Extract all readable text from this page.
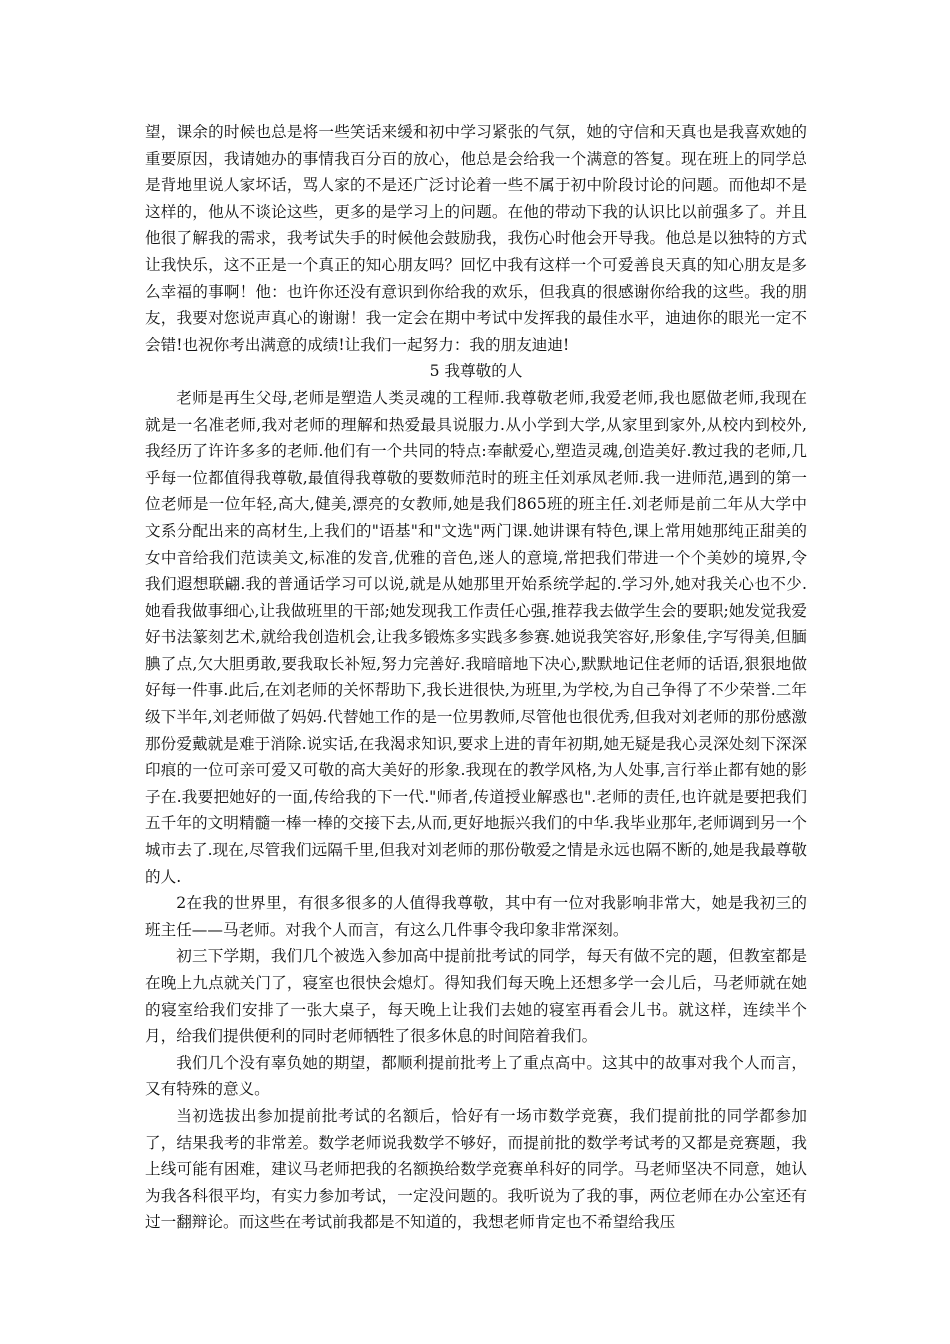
望，课余的时候也总是将一些笑话来缓和初中学习紧张的气氛，她的守信和天真也是我喜欢她的重要原因，我请她办的事情我百分百的放心，他总是会给我一个满意的答复。现在班上的同学总是背地里说人家坏话，骂人家的不是还广泛讨论着一些不属于初中阶段讨论的问题。而他却不是这样的，他从不谈论这些，更多的是学习上的问题。在他的带动下我的认识比以前强多了。并且他很了解我的需求，我考试失手的时候他会鼓励我，我伤心时他会开导我。他总是以独特的方式让我快乐，这不正是一个真正的知心朋友吗？回忆中我有这样一个可爱善良天真的知心朋友是多么幸福的事啊！他：也许你还没有意识到你给我的欢乐，但我真的很感谢你给我的这些。我的朋友，我要对您说声真心的谢谢！我一定会在期中考试中发挥我的最佳水平，迪迪你的眼光一定不会错!也祝你考出满意的成绩!让我们一起努力：我的朋友迪迪!

5 我尊敬的人

老师是再生父母,老师是塑造人类灵魂的工程师.我尊敬老师,我爱老师,我也愿做老师,我现在就是一名准老师,我对老师的理解和热爱最具说服力.从小学到大学,从家里到家外,从校内到校外,我经历了许许多多的老师.他们有一个共同的特点:奉献爱心,塑造灵魂,创造美好.教过我的老师,几乎每一位都值得我尊敬,最值得我尊敬的要数师范时的班主任刘承凤老师.我一进师范,遇到的第一位老师是一位年轻,高大,健美,漂亮的女教师,她是我们865班的班主任.刘老师是前二年从大学中文系分配出来的高材生,上我们的"语基"和"文选"两门课.她讲课有特色,课上常用她那纯正甜美的女中音给我们范读美文,标准的发音,优雅的音色,迷人的意境,常把我们带进一个个美妙的境界,令我们遐想联翩.我的普通话学习可以说,就是从她那里开始系统学起的.学习外,她对我关心也不少.她看我做事细心,让我做班里的干部;她发现我工作责任心强,推荐我去做学生会的要职;她发觉我爱好书法篆刻艺术,就给我创造机会,让我多锻炼多实践多参赛.她说我笑容好,形象佳,字写得美,但腼腆了点,欠大胆勇敢,要我取长补短,努力完善好.我暗暗地下决心,默默地记住老师的话语,狠狠地做好每一件事.此后,在刘老师的关怀帮助下,我长进很快,为班里,为学校,为自己争得了不少荣誉.二年级下半年,刘老师做了妈妈.代替她工作的是一位男教师,尽管他也很优秀,但我对刘老师的那份感激那份爱戴就是难于消除.说实话,在我渴求知识,要求上进的青年初期,她无疑是我心灵深处刻下深深印痕的一位可亲可爱又可敬的高大美好的形象.我现在的教学风格,为人处事,言行举止都有她的影子在.我要把她好的一面,传给我的下一代."师者,传道授业解惑也".老师的责任,也许就是要把我们五千年的文明精髓一棒一棒的交接下去,从而,更好地振兴我们的中华.我毕业那年,老师调到另一个城市去了.现在,尽管我们远隔千里,但我对刘老师的那份敬爱之情是永远也隔不断的,她是我最尊敬的人.

2在我的世界里，有很多很多的人值得我尊敬，其中有一位对我影响非常大，她是我初三的班主任——马老师。对我个人而言，有这么几件事令我印象非常深刻。

初三下学期，我们几个被选入参加高中提前批考试的同学，每天有做不完的题，但教室都是在晚上九点就关门了，寝室也很快会熄灯。得知我们每天晚上还想多学一会儿后，马老师就在她的寝室给我们安排了一张大桌子，每天晚上让我们去她的寝室再看会儿书。就这样，连续半个月，给我们提供便利的同时老师牺牲了很多休息的时间陪着我们。

我们几个没有辜负她的期望，都顺利提前批考上了重点高中。这其中的故事对我个人而言，又有特殊的意义。

当初选拔出参加提前批考试的名额后，恰好有一场市数学竞赛，我们提前批的同学都参加了，结果我考的非常差。数学老师说我数学不够好，而提前批的数学考试考的又都是竞赛题，我上线可能有困难，建议马老师把我的名额换给数学竞赛单科好的同学。马老师坚决不同意，她认为我各科很平均，有实力参加考试，一定没问题的。我听说为了我的事，两位老师在办公室还有过一翻辩论。而这些在考试前我都是不知道的，我想老师肯定也不希望给我压
